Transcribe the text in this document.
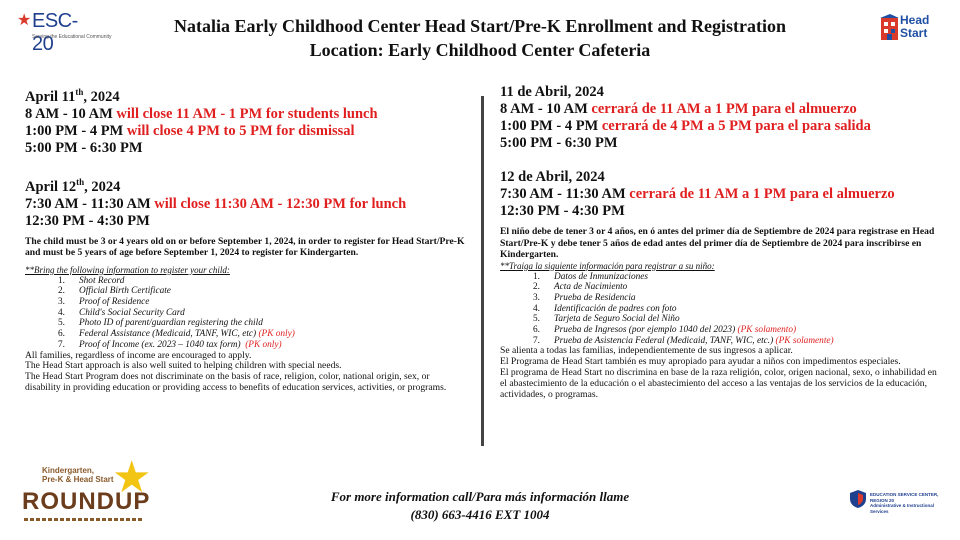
★ ESC-20
Serving the Educational Community
Head
Start
Natalia Early Childhood Center Head Start/Pre-K Enrollment and Registration
Location: Early Childhood Center Cafeteria
April 11th, 2024
8 AM - 10 AM will close 11 AM - 1 PM for students lunch
1:00 PM - 4 PM will close 4 PM to 5 PM for dismissal
5:00 PM - 6:30 PM
April 12th, 2024
7:30 AM - 11:30 AM will close 11:30 AM - 12:30 PM for lunch
12:30 PM - 4:30 PM
The child must be 3 or 4 years old on or before September 1, 2024, in order to register for Head Start/Pre-K and must be 5 years of age before September 1, 2024 to register for Kindergarten.
**Bring the following information to register your child:
1.	Shot Record
2.	Official Birth Certificate
3.	Proof of Residence
4.	Child's Social Security Card
5.	Photo ID of parent/guardian registering the child
6.	Federal Assistance (Medicaid, TANF, WIC, etc) (PK only)
7.	Proof of Income (ex. 2023 – 1040 tax form) (PK only)
All families, regardless of income are encouraged to apply.
The Head Start approach is also well suited to helping children with special needs.
The Head Start Program does not discriminate on the basis of race, religion, color, national origin, sex, or disability in providing education or providing access to benefits of education services, activities, or programs.
11 de Abril, 2024
8 AM - 10 AM cerrará de 11 AM a 1 PM para el almuerzo
1:00 PM - 4 PM cerrará de 4 PM a 5 PM para el para salida
5:00 PM - 6:30 PM
12 de Abril, 2024
7:30 AM - 11:30 AM cerrará de 11 AM a 1 PM para el almuerzo
12:30 PM - 4:30 PM
El niño debe de tener 3 or 4 años, en ó antes del primer día de Septiembre de 2024 para registrase en Head Start/Pre-K y debe tener 5 años de edad antes del primer día de Septiembre de 2024 para inscribirse en Kindergarten.
**Traiga la siguiente información para registrar a su niño:
1.	Datos de Inmunizaciones
2.	Acta de Nacimiento
3.	Prueba de Residencia
4.	Identificación de padres con foto
5.	Tarjeta de Seguro Social del Niño
6.	Prueba de Ingresos (por ejemplo 1040 del 2023) (PK solamento)
7.	Prueba de Asistencia Federal (Medicaid, TANF, WIC, etc.) (PK solamente)
Se alienta a todas las familias, independientemente de sus ingresos a aplicar.
El Programa de Head Start también es muy apropiado para ayudar a niños con impedimentos especiales.
El programa de Head Start no discrimina en base de la raza religión, color, origen nacional, sexo, o inhabilidad en el abastecimiento de la educación o el abastecimiento del acceso a las ventajas de los servicios de la educación, actividades, o programas.
★
Kindergarten,
Pre-K & Head Start
ROUNDUP	For more information call/Para más información llame
(830) 663-4416 EXT 1004
EDUCATION SERVICE CENTER, REGION 20
Administrative & Instructional Services
